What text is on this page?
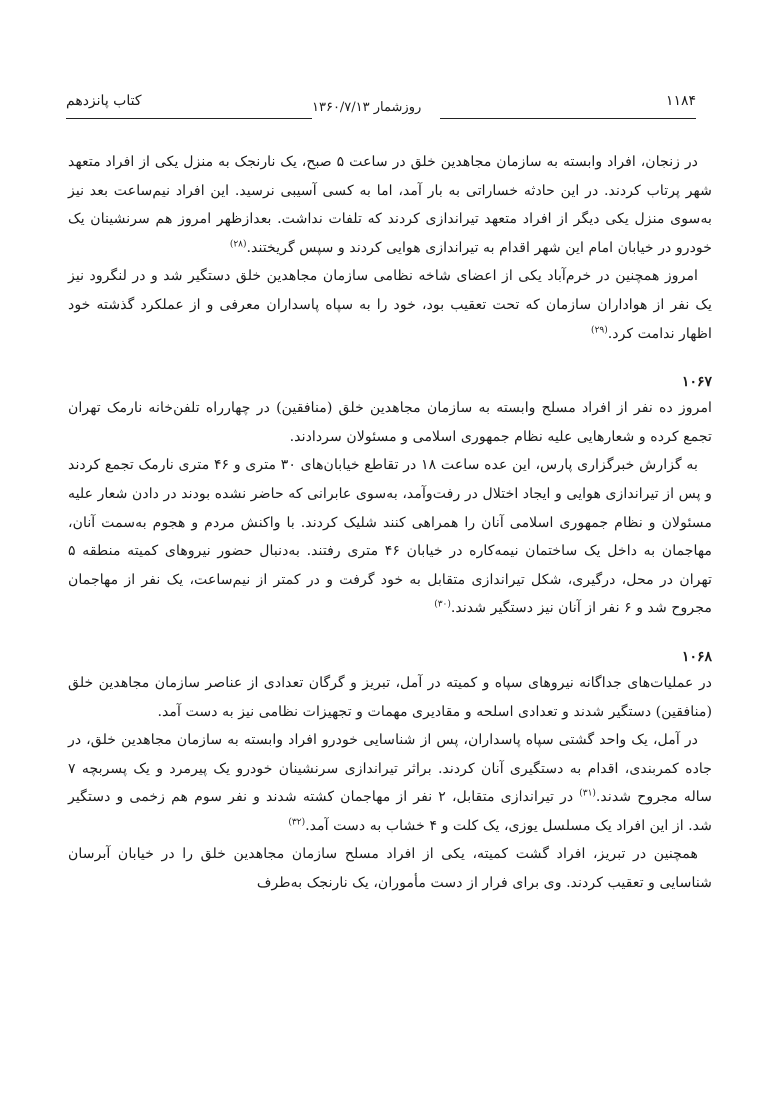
۱۱۸۴
روزشمار ۱۳۶۰/۷/۱۳
کتاب پانزدهم

در زنجان، افراد وابسته به سازمان مجاهدین خلق در ساعت ۵ صبح، یک نارنجک به منزل یکی از افراد متعهد شهر پرتاب کردند. در این حادثه خساراتی به بار آمد، اما به کسی آسیبی نرسید. این افراد نیم‌ساعت بعد نیز به‌سوی منزل یکی دیگر از افراد متعهد تیراندازی کردند که تلفات نداشت. بعدازظهر امروز هم سرنشینان یک خودرو در خیابان امام این شهر اقدام به تیراندازی هوایی کردند و سپس گریختند.$^{(۲۸)}$

امروز همچنین در خرم‌آباد یکی از اعضای شاخه نظامی سازمان مجاهدین خلق دستگیر شد و در لنگرود نیز یک نفر از هواداران سازمان که تحت تعقیب بود، خود را به سپاه پاسداران معرفی و از عملکرد گذشته خود اظهار ندامت کرد.$^{(۲۹)}$

۱۰۶۷

امروز ده نفر از افراد مسلح وابسته به سازمان مجاهدین خلق (منافقین) در چهارراه تلفن‌خانه نارمک تهران تجمع کرده و شعارهایی علیه نظام جمهوری اسلامی و مسئولان سردادند.

به گزارش خبرگزاری پارس، این عده ساعت ۱۸ در تقاطع خیابان‌های ۳۰ متری و ۴۶ متری نارمک تجمع کردند و پس از تیراندازی هوایی و ایجاد اختلال در رفت‌وآمد، به‌سوی عابرانی که حاضر نشده بودند در دادن شعار علیه مسئولان و نظام جمهوری اسلامی آنان را همراهی کنند شلیک کردند. با واکنش مردم و هجوم به‌سمت آنان، مهاجمان به داخل یک ساختمان نیمه‌کاره در خیابان ۴۶ متری رفتند. به‌دنبال حضور نیروهای کمیته منطقه ۵ تهران در محل، درگیری، شکل تیراندازی متقابل به خود گرفت و در کمتر از نیم‌ساعت، یک نفر از مهاجمان مجروح شد و ۶ نفر از آنان نیز دستگیر شدند.$^{(۳۰)}$

۱۰۶۸

در عملیات‌های جداگانه نیروهای سپاه و کمیته در آمل، تبریز و گرگان تعدادی از عناصر سازمان مجاهدین خلق (منافقین) دستگیر شدند و تعدادی اسلحه و مقادیری مهمات و تجهیزات نظامی نیز به دست آمد.

در آمل، یک واحد گشتی سپاه پاسداران، پس از شناسایی خودرو افراد وابسته به سازمان مجاهدین خلق، در جاده کمربندی، اقدام به دستگیری آنان کردند. براثر تیراندازی سرنشینان خودرو یک پیرمرد و یک پسربچه ۷ ساله مجروح شدند.$^{(۳۱)}$ در تیراندازی متقابل، ۲ نفر از مهاجمان کشته شدند و نفر سوم هم زخمی و دستگیر شد. از این افراد یک مسلسل یوزی، یک کلت و ۴ خشاب به دست آمد.$^{(۳۲)}$

همچنین در تبریز، افراد گشت کمیته، یکی از افراد مسلح سازمان مجاهدین خلق را در خیابان آبرسان شناسایی و تعقیب کردند. وی برای فرار از دست مأموران، یک نارنجک به‌طرف
